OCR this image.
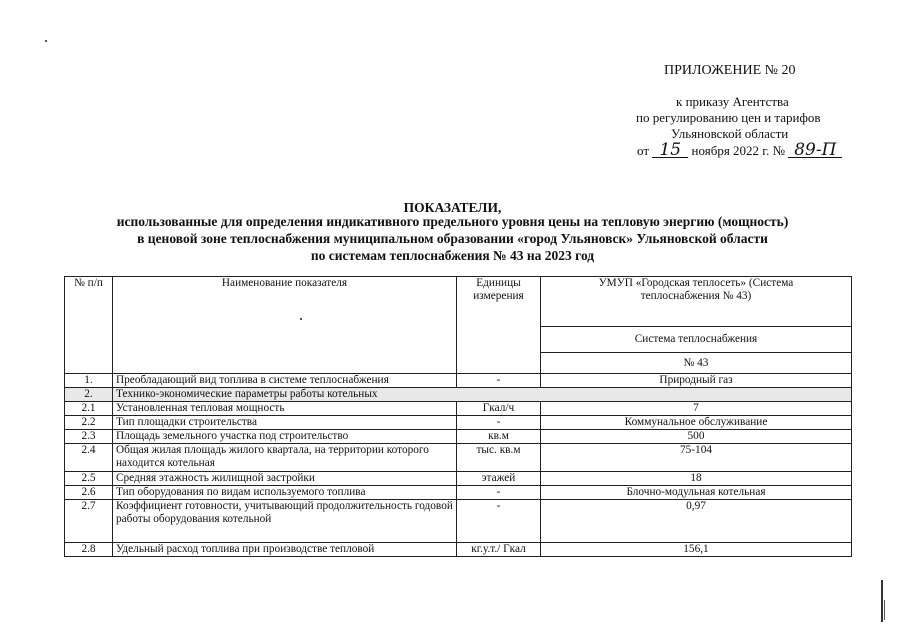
ПРИЛОЖЕНИЕ № 20
к приказу Агентства
по регулированию цен и тарифов
Ульяновской области
от 15 ноября 2022 г. № 89-П
ПОКАЗАТЕЛИ,
использованные для определения индикативного предельного уровня цены на тепловую энергию (мощность)
в ценовой зоне теплоснабжения муниципальном образовании «город Ульяновск» Ульяновской области
по системам теплоснабжения № 43 на 2023 год
№ п/п	Наименование показателя	Единицы измерения	УМУП «Городская теплосеть» (Система теплоснабжения № 43)
			Система теплоснабжения
			№ 43
1.	Преобладающий вид топлива в системе теплоснабжения	-	Природный газ
2.	Технико-экономические параметры работы котельных		
2.1	Установленная тепловая мощность	Гкал/ч	7
2.2	Тип площадки строительства	-	Коммунальное обслуживание
2.3	Площадь земельного участка под строительство	кв.м	500
2.4	Общая жилая площадь жилого квартала, на территории которого находится котельная	тыс. кв.м	75-104
2.5	Средняя этажность жилищной застройки	этажей	18
2.6	Тип оборудования по видам используемого топлива	-	Блочно-модульная котельная
2.7	Коэффициент готовности, учитывающий продолжительность годовой работы оборудования котельной	-	0,97
2.8	Удельный расход топлива при производстве тепловой	кг.у.т./ Гкал	156,1
